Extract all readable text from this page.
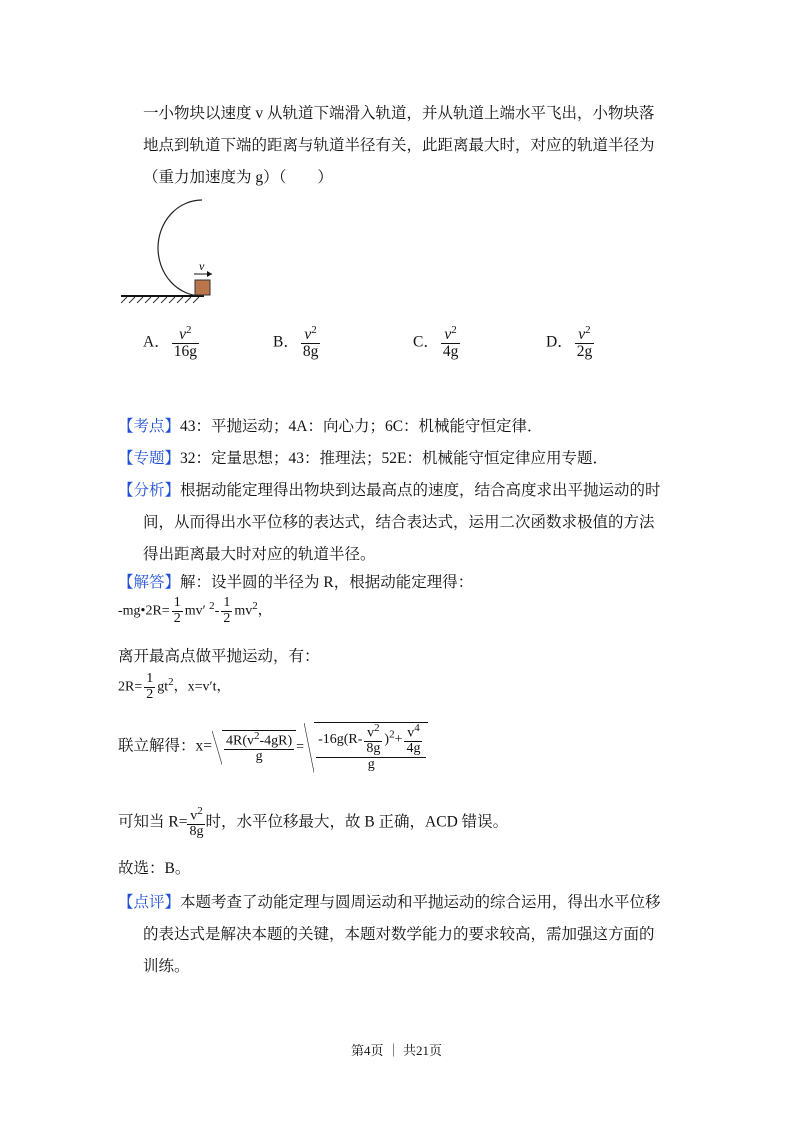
一小物块以速度 v 从轨道下端滑入轨道，并从轨道上端水平飞出，小物块落
地点到轨道下端的距离与轨道半径有关，此距离最大时，对应的轨道半径为
（重力加速度为 g）（　　）
v
A． $\frac{v^2}{16g}$	B． $\frac{v^2}{8g}$	C． $\frac{v^2}{4g}$	D． $\frac{v^2}{2g}$
【考点】43：平抛运动；4A：向心力；6C：机械能守恒定律．
【专题】32：定量思想；43：推理法；52E：机械能守恒定律应用专题．
【分析】根据动能定理得出物块到达最高点的速度，结合高度求出平抛运动的时
间，从而得出水平位移的表达式，结合表达式，运用二次函数求极值的方法
得出距离最大时对应的轨道半径。
【解答】解：设半圆的半径为 R，根据动能定理得：
-mg•2R= $\frac{1}{2} mv'$ $^2- \frac{1}{2} mv^2$，
离开最高点做平抛运动，有：
$2R= \frac{1}{2} gt^2$，x=v′t，
联立解得：$x= \frac{4R(v^2-4gR)}{g} = \frac{-16g(R- \frac{v^2}{8g} )^2+ \frac{v^4}{4g}}{g}$
可知当 $R= \frac{v^2}{8g}$ 时，水平位移最大，故 B 正确，ACD 错误。
故选：B。
【点评】本题考查了动能定理与圆周运动和平抛运动的综合运用，得出水平位移
的表达式是解决本题的关键，本题对数学能力的要求较高，需加强这方面的
训练。
第4页 ｜ 共21页
